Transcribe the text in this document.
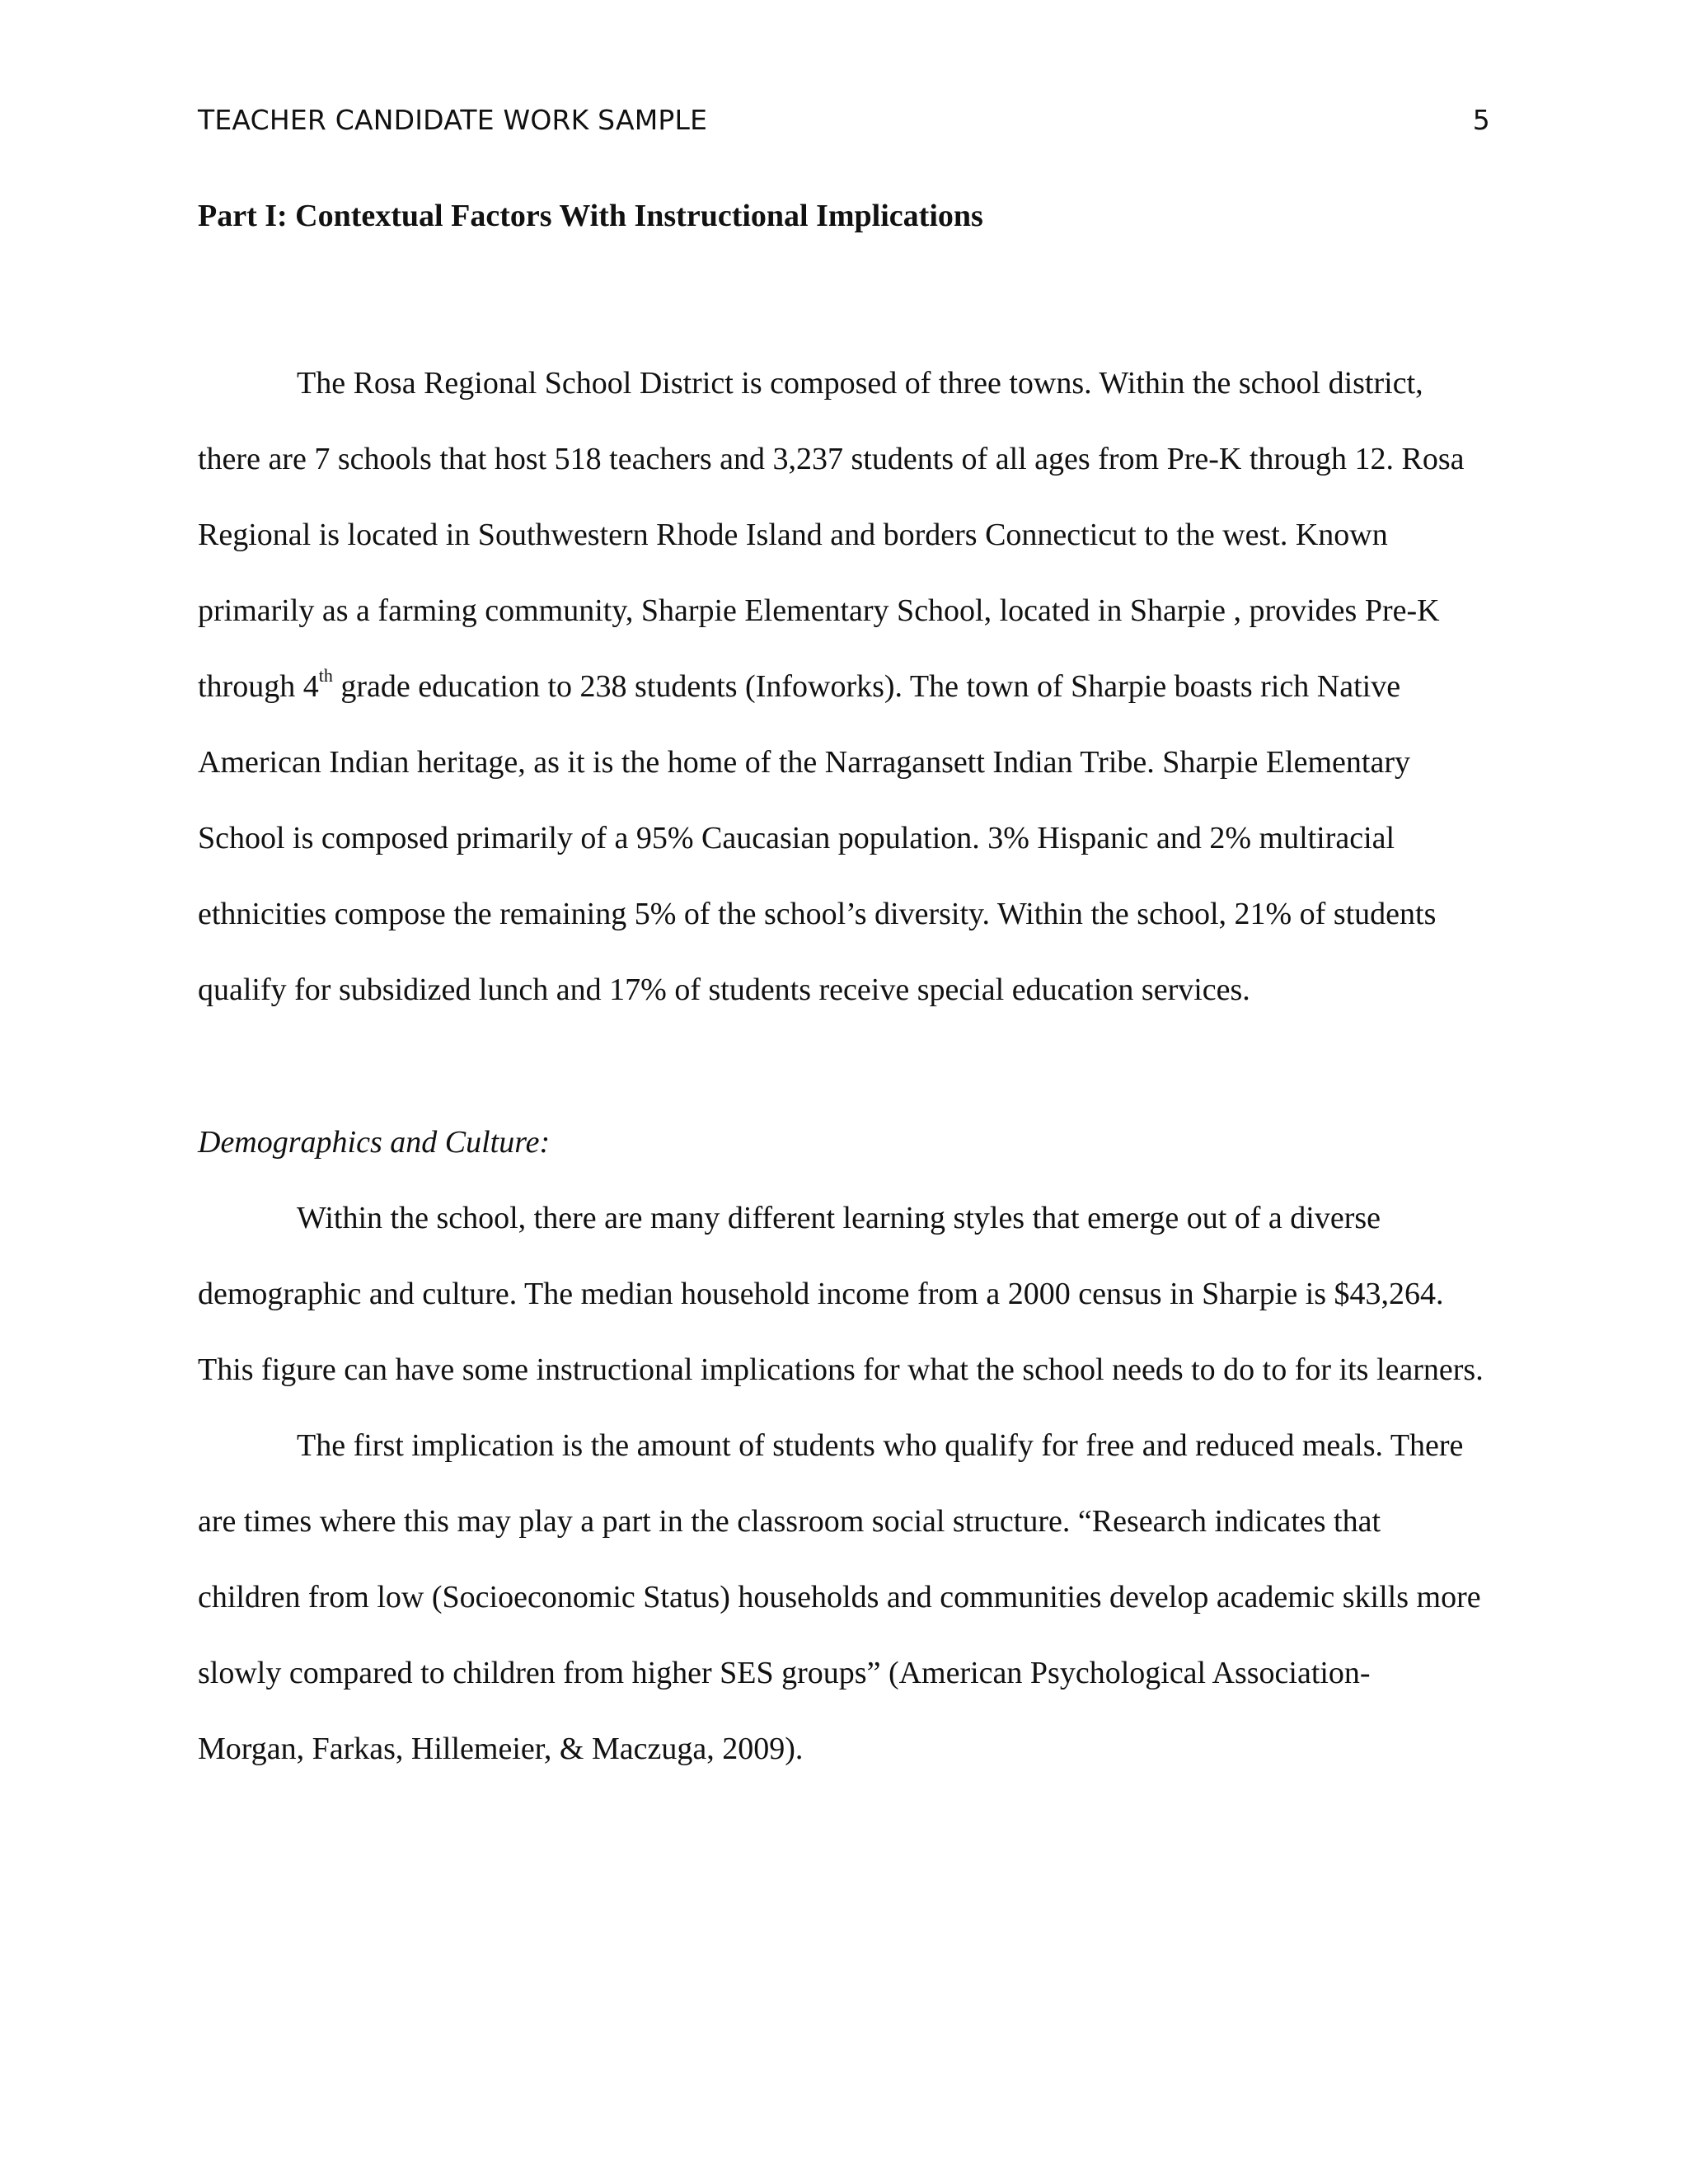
TEACHER CANDIDATE WORK SAMPLE	5

Part I: Contextual Factors With Instructional Implications

The Rosa Regional School District is composed of three towns. Within the school district, there are 7 schools that host 518 teachers and 3,237 students of all ages from Pre-K through 12. Rosa Regional is located in Southwestern Rhode Island and borders Connecticut to the west. Known primarily as a farming community, Sharpie Elementary School, located in Sharpie , provides Pre-K through 4th grade education to 238 students (Infoworks). The town of Sharpie boasts rich Native American Indian heritage, as it is the home of the Narragansett Indian Tribe. Sharpie Elementary School is composed primarily of a 95% Caucasian population. 3% Hispanic and 2% multiracial ethnicities compose the remaining 5% of the school’s diversity. Within the school, 21% of students qualify for subsidized lunch and 17% of students receive special education services.

Demographics and Culture:

Within the school, there are many different learning styles that emerge out of a diverse demographic and culture. The median household income from a 2000 census in Sharpie is $43,264. This figure can have some instructional implications for what the school needs to do to for its learners.

The first implication is the amount of students who qualify for free and reduced meals. There are times where this may play a part in the classroom social structure. “Research indicates that children from low (Socioeconomic Status) households and communities develop academic skills more slowly compared to children from higher SES groups” (American Psychological Association- Morgan, Farkas, Hillemeier, & Maczuga, 2009).
